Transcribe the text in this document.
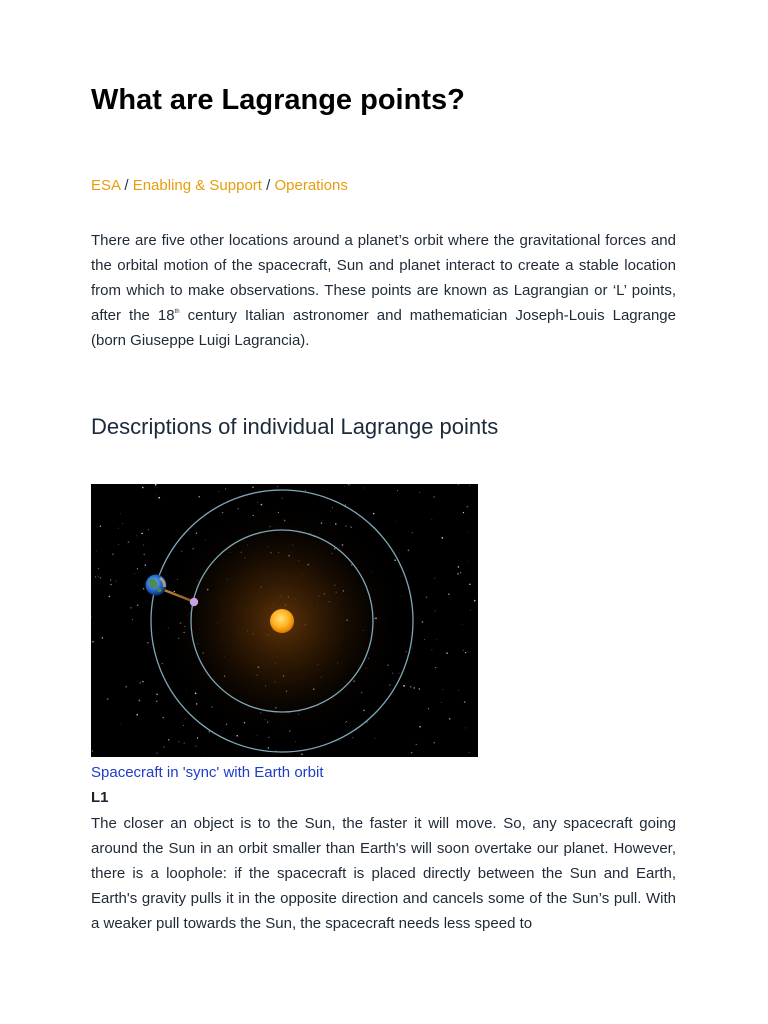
What are Lagrange points?
ESA / Enabling & Support / Operations

There are five other locations around a planet’s orbit where the gravitational forces and the orbital motion of the spacecraft, Sun and planet interact to create a stable location from which to make observations. These points are known as Lagrangian or ‘L’ points, after the 18th century Italian astronomer and mathematician Joseph-Louis Lagrange (born Giuseppe Luigi Lagrancia).

Descriptions of individual Lagrange points
Spacecraft in 'sync' with Earth orbit
L1

The closer an object is to the Sun, the faster it will move. So, any spacecraft going around the Sun in an orbit smaller than Earth's will soon overtake our planet. However, there is a loophole: if the spacecraft is placed directly between the Sun and Earth, Earth's gravity pulls it in the opposite direction and cancels some of the Sun’s pull. With a weaker pull towards the Sun, the spacecraft needs less speed to
